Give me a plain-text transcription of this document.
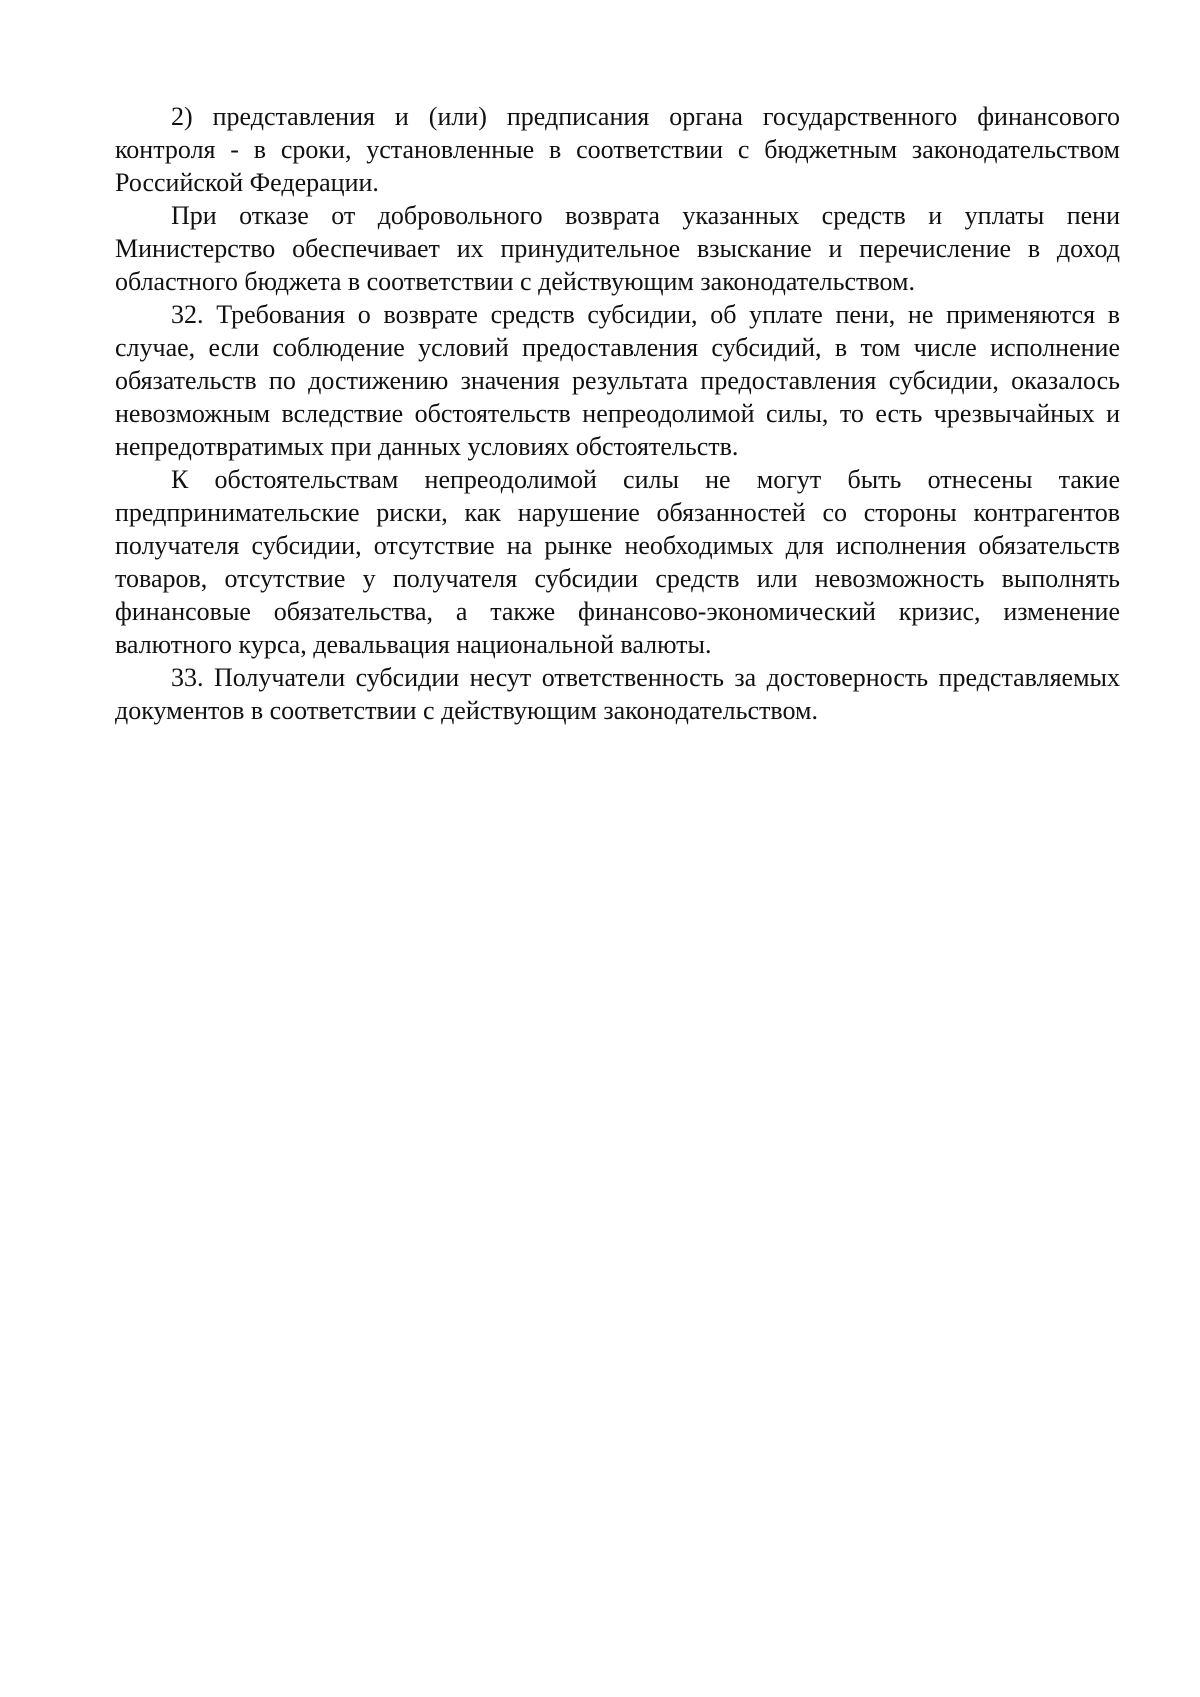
2) представления и (или) предписания органа государственного финансового контроля - в сроки, установленные в соответствии с бюджетным законодательством Российской Федерации.

При отказе от добровольного возврата указанных средств и уплаты пени Министерство обеспечивает их принудительное взыскание и перечисление в доход областного бюджета в соответствии с действующим законодательством.

32. Требования о возврате средств субсидии, об уплате пени, не применяются в случае, если соблюдение условий предоставления субсидий, в том числе исполнение обязательств по достижению значения результата предоставления субсидии, оказалось невозможным вследствие обстоятельств непреодолимой силы, то есть чрезвычайных и непредотвратимых при данных условиях обстоятельств.

К обстоятельствам непреодолимой силы не могут быть отнесены такие предпринимательские риски, как нарушение обязанностей со стороны контрагентов получателя субсидии, отсутствие на рынке необходимых для исполнения обязательств товаров, отсутствие у получателя субсидии средств или невозможность выполнять финансовые обязательства, а также финансово-экономический кризис, изменение валютного курса, девальвация национальной валюты.

33. Получатели субсидии несут ответственность за достоверность представляемых документов в соответствии с действующим законодательством.
